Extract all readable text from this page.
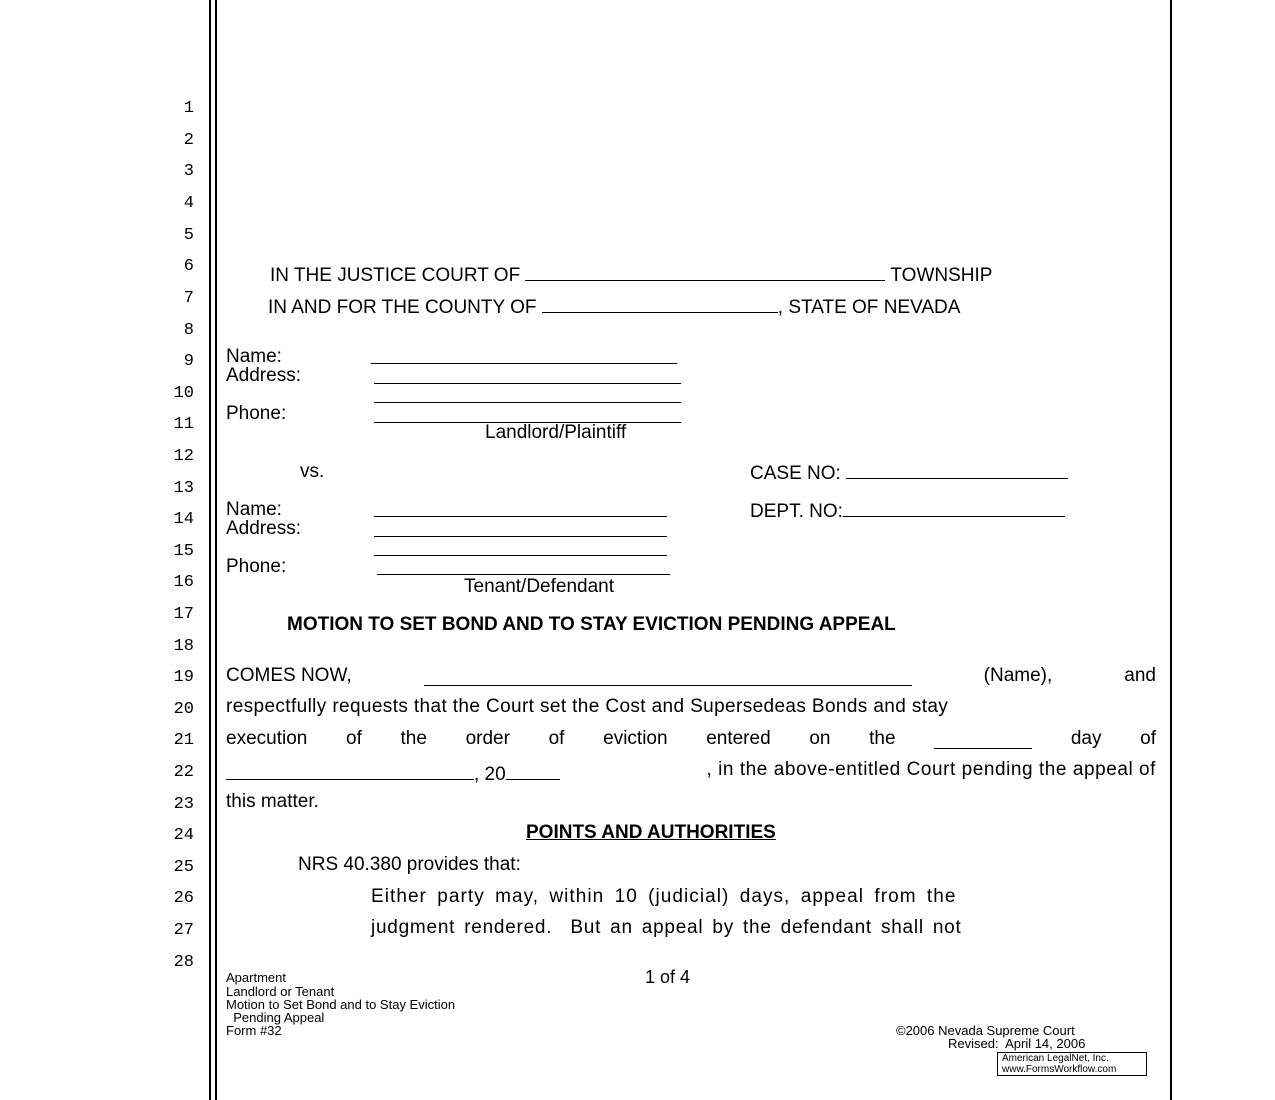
1
2
3
4
5
6
7
8
9
10
11
12
13
14
15
16
17
18
19
20
21
22
23
24
25
26
27
28
IN THE JUSTICE COURT OF	TOWNSHIP
IN AND FOR THE COUNTY OF	, STATE OF NEVADA
Name:
Address:
Phone:
Landlord/Plaintiff
vs.	CASE NO:
DEPT. NO:
Name:
Address:
Phone:
Tenant/Defendant
MOTION TO SET BOND AND TO STAY EVICTION PENDING APPEAL
COMES NOW,	(Name),	and
respectfully requests that the Court set the Cost and Supersedeas Bonds and stay
execution of the order of eviction entered on the	day of
, 20	, in the above-entitled Court pending the appeal of
this matter.
POINTS AND AUTHORITIES
NRS 40.380 provides that:
Either party may, within 10 (judicial) days, appeal from the
judgment rendered.  But an appeal by the defendant shall not
Apartment
Landlord or Tenant
Motion to Set Bond and to Stay Eviction
Pending Appeal
Form #32
1 of 4
©2006 Nevada Supreme Court
Revised:  April 14, 2006
American LegalNet, Inc.
www.FormsWorkflow.com
